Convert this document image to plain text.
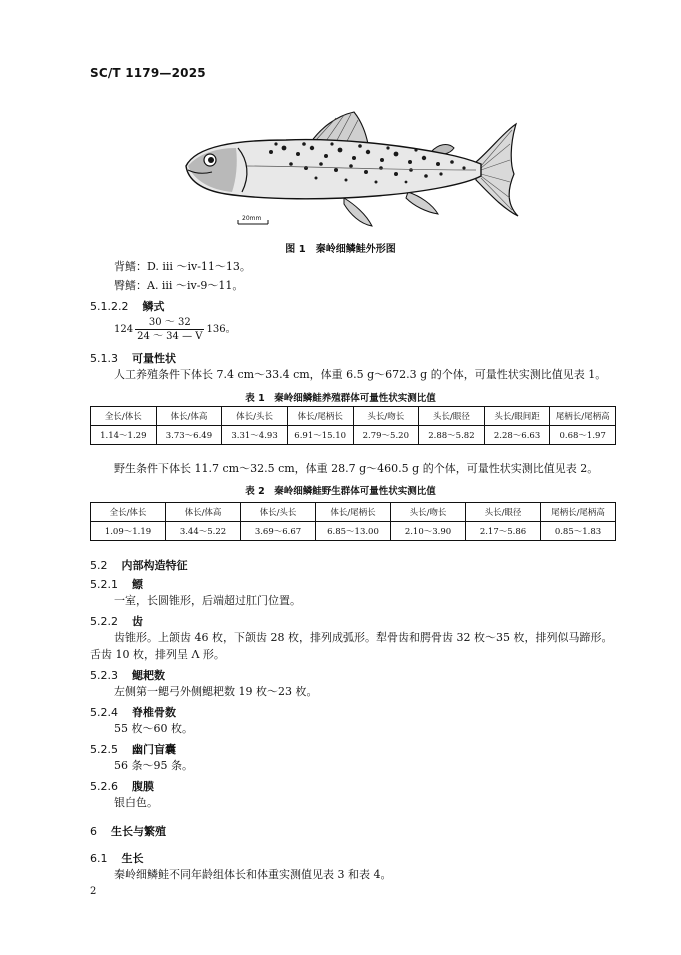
SC/T 1179—2025
20mm
图 1　秦岭细鳞鲑外形图
背鳍：D. ⅲ ～ⅳ-11～13。
臀鳍：A. ⅲ ～ⅳ-9～11。
5.1.2.2 鳞式
$124 \frac{30 \sim 32}{24 \sim 34 — V} 136$。
5.1.3 可量性状
人工养殖条件下体长 7.4 cm～33.4 cm，体重 6.5 g～672.3 g 的个体，可量性状实测比值见表 1。
表 1　秦岭细鳞鲑养殖群体可量性状实测比值
全长/体长	体长/体高	体长/头长	体长/尾柄长	头长/吻长	头长/眼径	头长/眼间距	尾柄长/尾柄高
1.14～1.29	3.73～6.49	3.31～4.93	6.91～15.10	2.79～5.20	2.88～5.82	2.28～6.63	0.68～1.97
野生条件下体长 11.7 cm～32.5 cm，体重 28.7 g～460.5 g 的个体，可量性状实测比值见表 2。
表 2　秦岭细鳞鲑野生群体可量性状实测比值
全长/体长	体长/体高	体长/头长	体长/尾柄长	头长/吻长	头长/眼径	尾柄长/尾柄高
1.09～1.19	3.44～5.22	3.69～6.67	6.85～13.00	2.10～3.90	2.17～5.86	0.85～1.83
5.2 内部构造特征
5.2.1 鳔
一室，长圆锥形，后端超过肛门位置。
5.2.2 齿
齿锥形。上颌齿 46 枚，下颌齿 28 枚，排列成弧形。犁骨齿和腭骨齿 32 枚～35 枚，排列似马蹄形。
舌齿 10 枚，排列呈 Λ 形。
5.2.3 鳃耙数
左侧第一鳃弓外侧鳃耙数 19 枚～23 枚。
5.2.4 脊椎骨数
55 枚～60 枚。
5.2.5 幽门盲囊
56 条～95 条。
5.2.6 腹膜
银白色。
6 生长与繁殖
6.1 生长
秦岭细鳞鲑不同年龄组体长和体重实测值见表 3 和表 4。
2
